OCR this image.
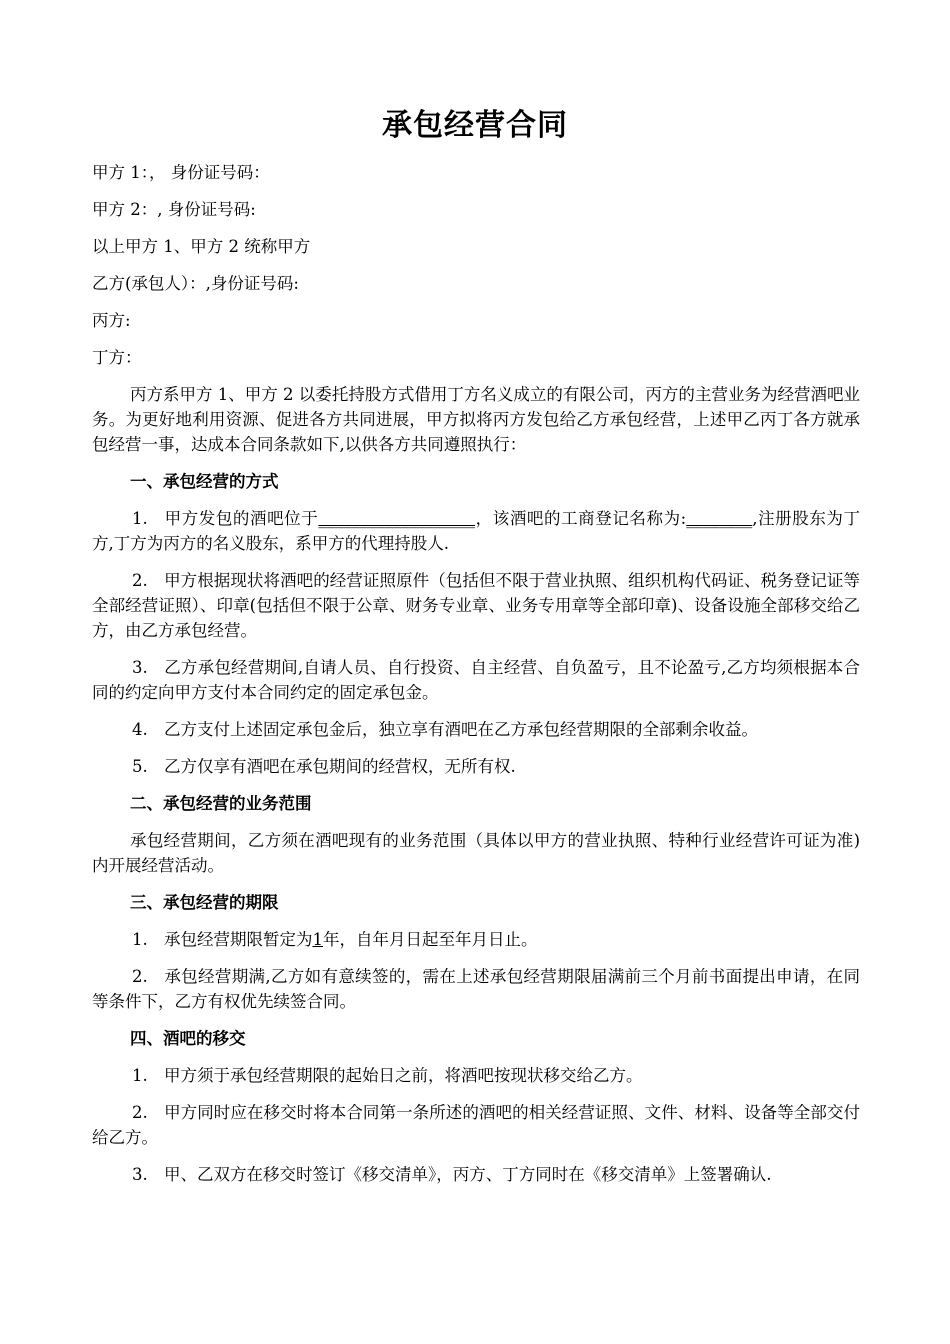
承包经营合同
甲方 1：， 身份证号码：
甲方 2：, 身份证号码:
以上甲方 1、甲方 2 统称甲方
乙方(承包人）：,身份证号码:
丙方:
丁方：

丙方系甲方 1、甲方 2 以委托持股方式借用丁方名义成立的有限公司，丙方的主营业务为经营酒吧业务。为更好地利用资源、促进各方共同进展，甲方拟将丙方发包给乙方承包经营，上述甲乙丙丁各方就承包经营一事，达成本合同条款如下,以供各方共同遵照执行：

一、承包经营的方式

1. 甲方发包的酒吧位于___________________，该酒吧的工商登记名称为:________,注册股东为丁方,丁方为丙方的名义股东，系甲方的代理持股人.

2. 甲方根据现状将酒吧的经营证照原件（包括但不限于营业执照、组织机构代码证、税务登记证等全部经营证照）、印章(包括但不限于公章、财务专业章、业务专用章等全部印章)、设备设施全部移交给乙方，由乙方承包经营。

3. 乙方承包经营期间,自请人员、自行投资、自主经营、自负盈亏，且不论盈亏,乙方均须根据本合同的约定向甲方支付本合同约定的固定承包金。

4. 乙方支付上述固定承包金后，独立享有酒吧在乙方承包经营期限的全部剩余收益。

5. 乙方仅享有酒吧在承包期间的经营权，无所有权.

二、承包经营的业务范围

承包经营期间，乙方须在酒吧现有的业务范围（具体以甲方的营业执照、特种行业经营许可证为准)内开展经营活动。

三、承包经营的期限

1. 承包经营期限暂定为1年，自年月日起至年月日止。

2. 承包经营期满,乙方如有意续签的，需在上述承包经营期限届满前三个月前书面提出申请，在同等条件下，乙方有权优先续签合同。

四、酒吧的移交

1. 甲方须于承包经营期限的起始日之前，将酒吧按现状移交给乙方。

2. 甲方同时应在移交时将本合同第一条所述的酒吧的相关经营证照、文件、材料、设备等全部交付给乙方。

3. 甲、乙双方在移交时签订《移交清单》，丙方、丁方同时在《移交清单》上签署确认.
